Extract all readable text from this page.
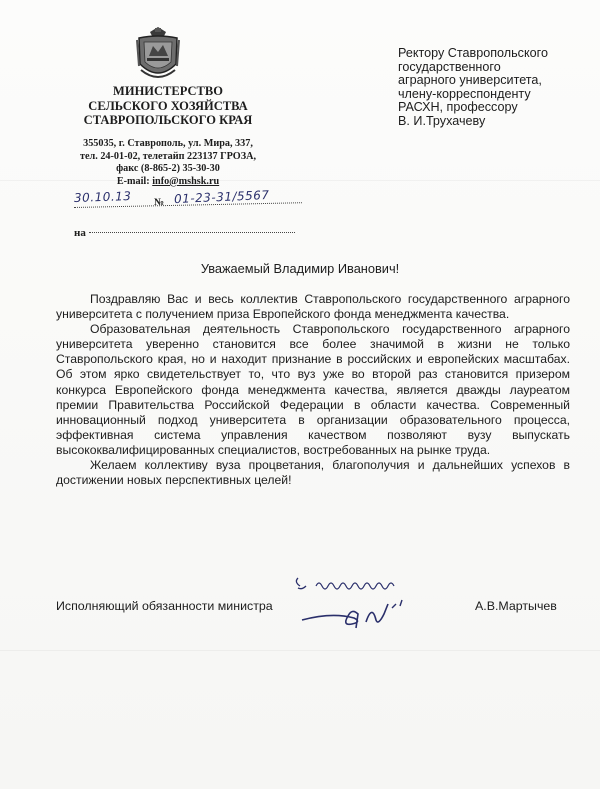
МИНИСТЕРСТВО
СЕЛЬСКОГО ХОЗЯЙСТВА
СТАВРОПОЛЬСКОГО КРАЯ
355035, г. Ставрополь, ул. Мира, 337,
тел. 24-01-02, телетайп 223137 ГРОЗА,
факс (8-865-2) 35-30-30
E-mail: info@mshsk.ru
30.10.13 № 01-23-31/5567
на
Ректору Ставропольского
государственного
аграрного университета,
члену-корреспонденту
РАСХН, профессору
В. И.Трухачеву
Уважаемый Владимир Иванович!

Поздравляю Вас и весь коллектив Ставропольского государственного аграрного университета с получением приза Европейского фонда менеджмента качества.

Образовательная деятельность Ставропольского государственного аграрного университета уверенно становится все более значимой в жизни не только Ставропольского края, но и находит признание в российских и европейских масштабах. Об этом ярко свидетельствует то, что вуз уже во второй раз становится призером конкурса Европейского фонда менеджмента качества, является дважды лауреатом премии Правительства Российской Федерации в области качества. Современный инновационный подход университета в организации образовательного процесса, эффективная система управления качеством позволяют вузу выпускать высококвалифицированных специалистов, востребованных на рынке труда.

Желаем коллективу вуза процветания, благополучия и дальнейших успехов в достижении новых перспективных целей!

Исполняющий обязанности министра	А.В.Мартычев
